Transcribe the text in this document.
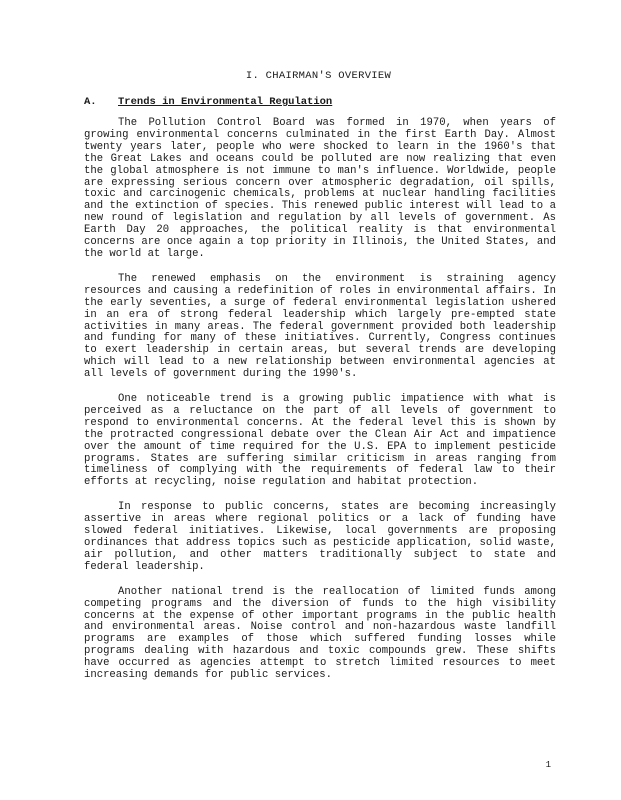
I. CHAIRMAN'S OVERVIEW
A. Trends in Environmental Regulation

The Pollution Control Board was formed in 1970, when years of growing environmental concerns culminated in the first Earth Day. Almost twenty years later, people who were shocked to learn in the 1960's that the Great Lakes and oceans could be polluted are now realizing that even the global atmosphere is not immune to man's influence. Worldwide, people are expressing serious concern over atmospheric degradation, oil spills, toxic and carcinogenic chemicals, problems at nuclear handling facilities and the extinction of species. This renewed public interest will lead to a new round of legislation and regulation by all levels of government. As Earth Day 20 approaches, the political reality is that environmental concerns are once again a top priority in Illinois, the United States, and the world at large.

The renewed emphasis on the environment is straining agency resources and causing a redefinition of roles in environmental affairs. In the early seventies, a surge of federal environmental legislation ushered in an era of strong federal leadership which largely pre-empted state activities in many areas. The federal government provided both leadership and funding for many of these initiatives. Currently, Congress continues to exert leadership in certain areas, but several trends are developing which will lead to a new relationship between environmental agencies at all levels of government during the 1990's.

One noticeable trend is a growing public impatience with what is perceived as a reluctance on the part of all levels of government to respond to environmental concerns. At the federal level this is shown by the protracted congressional debate over the Clean Air Act and impatience over the amount of time required for the U.S. EPA to implement pesticide programs. States are suffering similar criticism in areas ranging from timeliness of complying with the requirements of federal law to their efforts at recycling, noise regulation and habitat protection.

In response to public concerns, states are becoming increasingly assertive in areas where regional politics or a lack of funding have slowed federal initiatives. Likewise, local governments are proposing ordinances that address topics such as pesticide application, solid waste, air pollution, and other matters traditionally subject to state and federal leadership.

Another national trend is the reallocation of limited funds among competing programs and the diversion of funds to the high visibility concerns at the expense of other important programs in the public health and environmental areas. Noise control and non-hazardous waste landfill programs are examples of those which suffered funding losses while programs dealing with hazardous and toxic compounds grew. These shifts have occurred as agencies attempt to stretch limited resources to meet increasing demands for public services.

1
